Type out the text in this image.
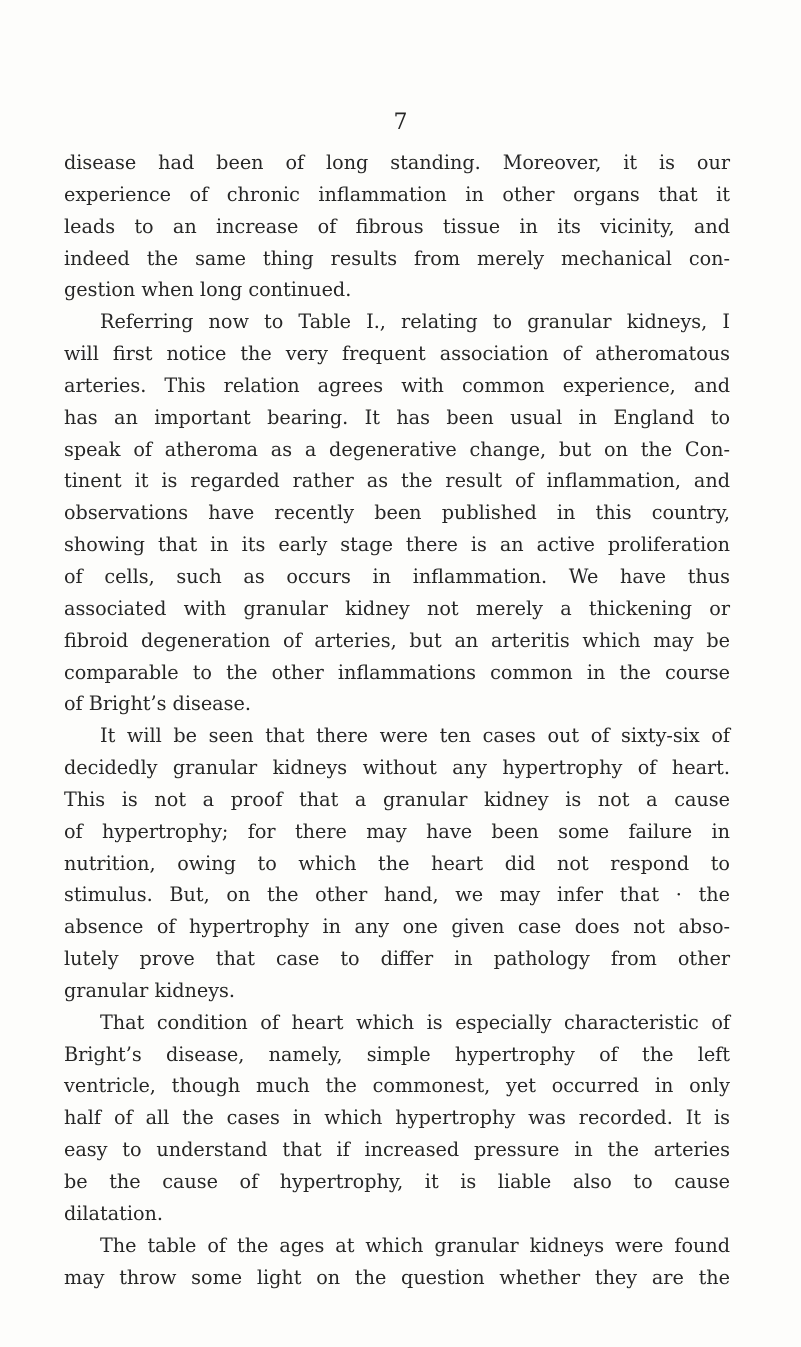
7
disease had been of long standing. Moreover, it is our
experience of chronic inflammation in other organs that it
leads to an increase of fibrous tissue in its vicinity, and
indeed the same thing results from merely mechanical con-
gestion when long continued.
Referring now to Table I., relating to granular kidneys, I
will first notice the very frequent association of atheromatous
arteries. This relation agrees with common experience, and
has an important bearing. It has been usual in England to
speak of atheroma as a degenerative change, but on the Con-
tinent it is regarded rather as the result of inflammation, and
observations have recently been published in this country,
showing that in its early stage there is an active proliferation
of cells, such as occurs in inflammation. We have thus
associated with granular kidney not merely a thickening or
fibroid degeneration of arteries, but an arteritis which may be
comparable to the other inflammations common in the course
of Bright’s disease.
It will be seen that there were ten cases out of sixty-six of
decidedly granular kidneys without any hypertrophy of heart.
This is not a proof that a granular kidney is not a cause
of hypertrophy; for there may have been some failure in
nutrition, owing to which the heart did not respond to
stimulus. But, on the other hand, we may infer that · the
absence of hypertrophy in any one given case does not abso-
lutely prove that case to differ in pathology from other
granular kidneys.
That condition of heart which is especially characteristic of
Bright’s disease, namely, simple hypertrophy of the left
ventricle, though much the commonest, yet occurred in only
half of all the cases in which hypertrophy was recorded. It is
easy to understand that if increased pressure in the arteries
be the cause of hypertrophy, it is liable also to cause
dilatation.
The table of the ages at which granular kidneys were found
may throw some light on the question whether they are the
